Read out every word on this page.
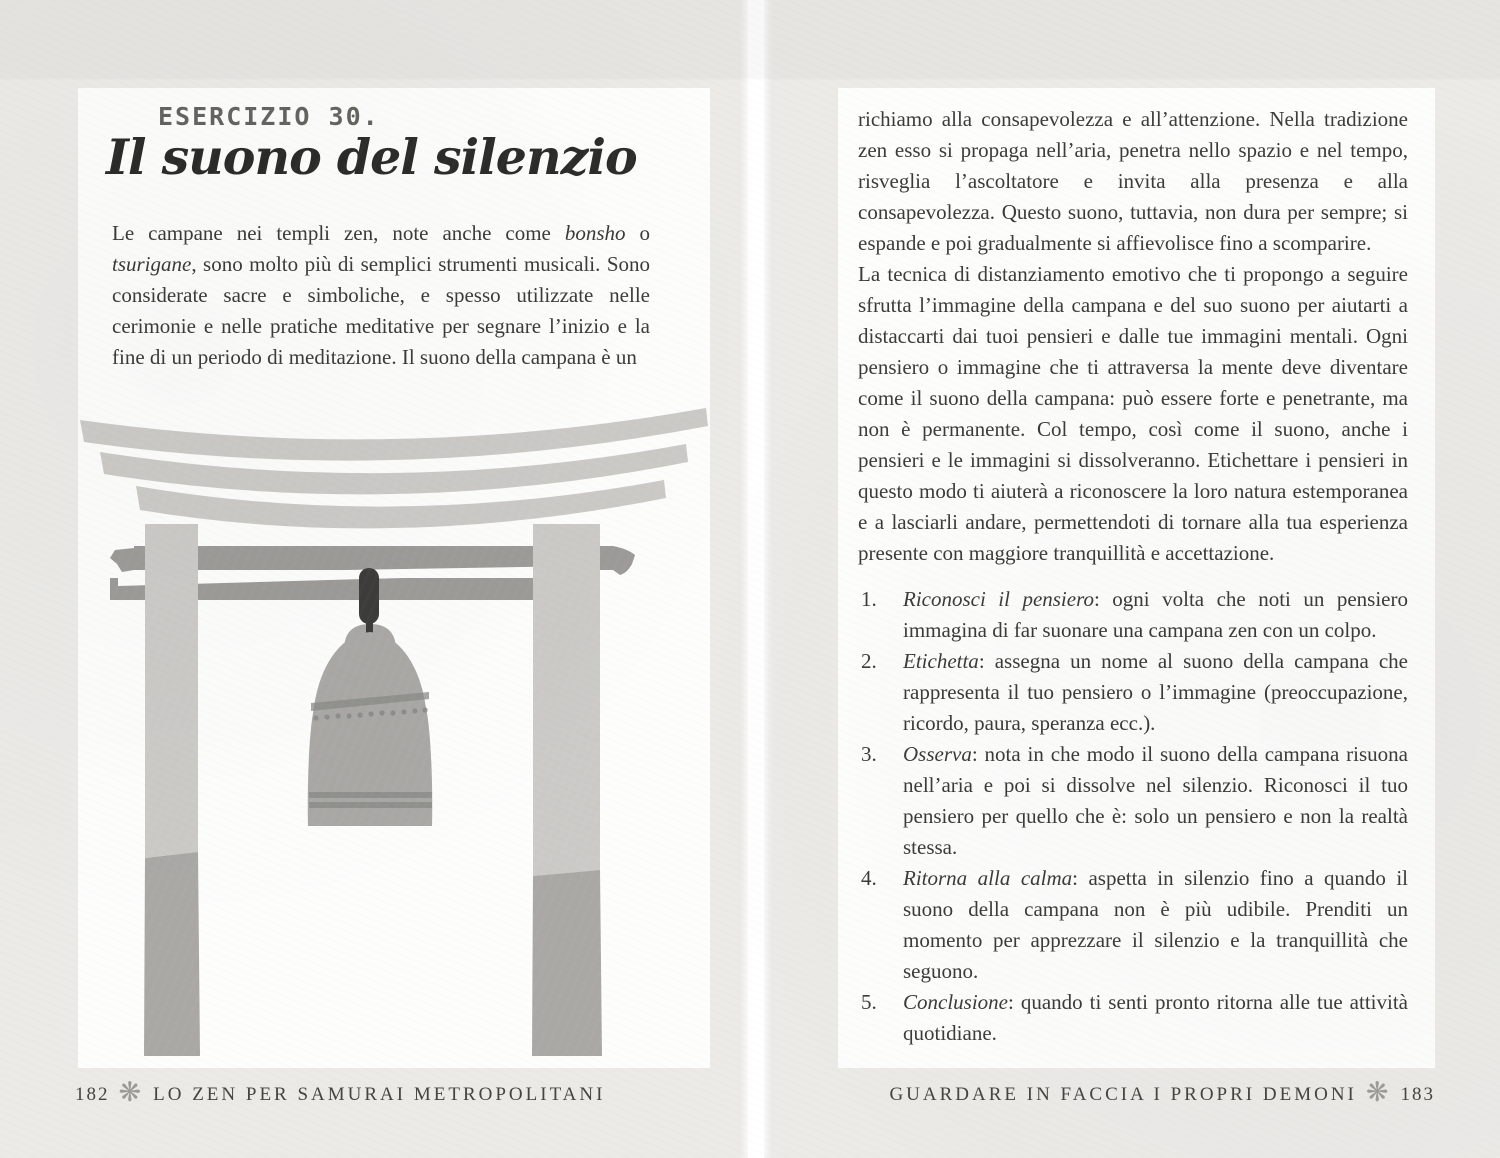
ESERCIZIO 30.
Il suono del silenzio

Le campane nei templi zen, note anche come bonsho o tsurigane, sono molto più di semplici strumenti musicali. Sono considerate sacre e simboliche, e spesso utilizzate nelle cerimonie e nelle pratiche meditative per segnare l’inizio e la fine di un periodo di meditazione. Il suono della campana è un

182 ❋ LO ZEN PER SAMURAI METROPOLITANI

richiamo alla consapevolezza e all’attenzione. Nella tradizione zen esso si propaga nell’aria, penetra nello spazio e nel tempo, risveglia l’ascoltatore e invita alla presenza e alla consapevolezza. Questo suono, tuttavia, non dura per sempre; si espande e poi gradualmente si affievolisce fino a scomparire.

La tecnica di distanziamento emotivo che ti propongo a seguire sfrutta l’immagine della campana e del suo suono per aiutarti a distaccarti dai tuoi pensieri e dalle tue immagini mentali. Ogni pensiero o immagine che ti attraversa la mente deve diventare come il suono della campana: può essere forte e penetrante, ma non è permanente. Col tempo, così come il suono, anche i pensieri e le immagini si dissolveranno. Etichettare i pensieri in questo modo ti aiuterà a riconoscere la loro natura estemporanea e a lasciarli andare, permettendoti di tornare alla tua esperienza presente con maggiore tranquillità e accettazione.

1.	Riconosci il pensiero: ogni volta che noti un pensiero immagina di far suonare una campana zen con un colpo.
2.	Etichetta: assegna un nome al suono della campana che rappresenta il tuo pensiero o l’immagine (preoccupazione, ricordo, paura, speranza ecc.).
3.	Osserva: nota in che modo il suono della campana risuona nell’aria e poi si dissolve nel silenzio. Riconosci il tuo pensiero per quello che è: solo un pensiero e non la realtà stessa.
4.	Ritorna alla calma: aspetta in silenzio fino a quando il suono della campana non è più udibile. Prenditi un momento per apprezzare il silenzio e la tranquillità che seguono.
5.	Conclusione: quando ti senti pronto ritorna alle tue attività quotidiane.
GUARDARE IN FACCIA I PROPRI DEMONI ❋ 183
